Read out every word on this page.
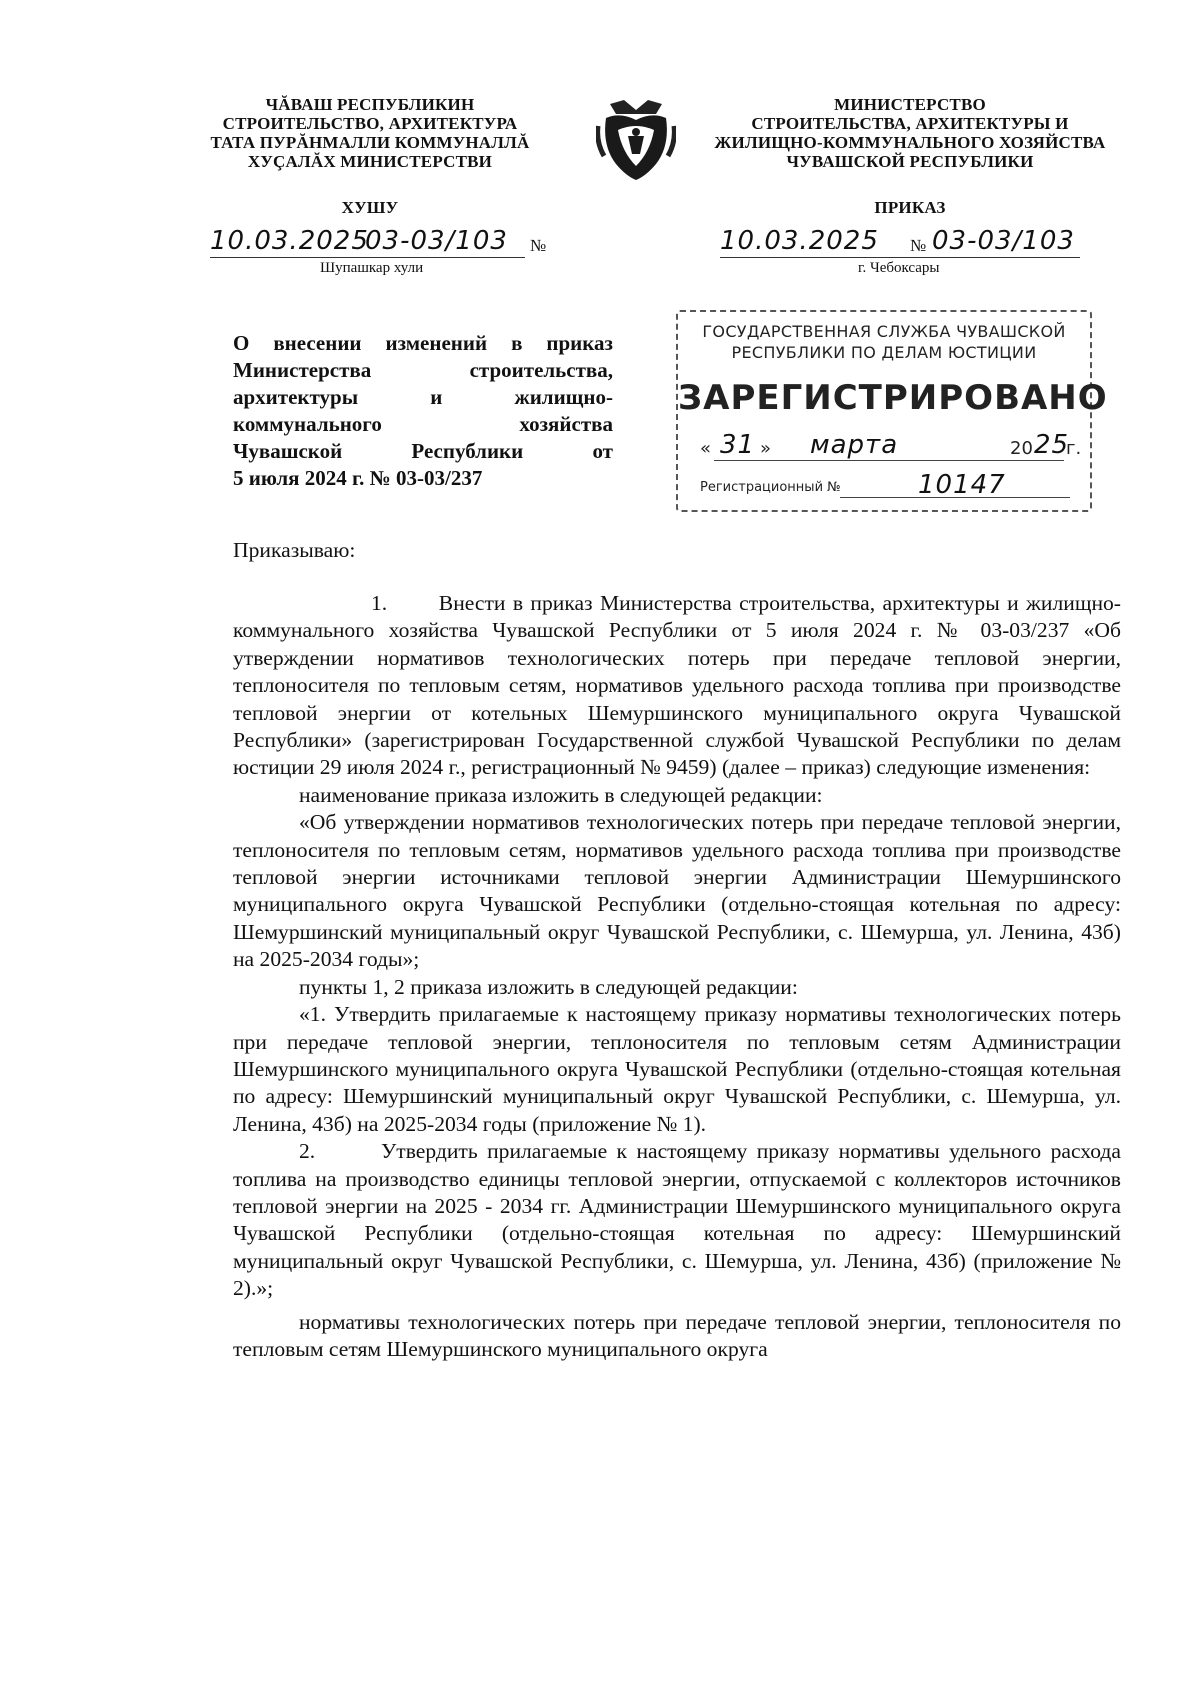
ЧĂВАШ РЕСПУБЛИКИН
СТРОИТЕЛЬСТВО, АРХИТЕКТУРА
ТАТА ПУРĂНМАЛЛИ КОММУНАЛЛĂ
ХУÇАЛĂХ МИНИСТЕРСТВИ
ХУШУ
10.03.2025
03-03/103 №
Шупашкар хули
МИНИСТЕРСТВО
СТРОИТЕЛЬСТВА, АРХИТЕКТУРЫ И
ЖИЛИЩНО-КОММУНАЛЬНОГО ХОЗЯЙСТВА
ЧУВАШСКОЙ РЕСПУБЛИКИ
ПРИКАЗ
10.03.2025 № 03-03/103
г. Чебоксары
О внесении изменений в приказ
Министерства строительства,
архитектуры и жилищно-
коммунального хозяйства
Чувашской Республики от
5 июля 2024 г. № 03-03/237
ГОСУДАРСТВЕННАЯ СЛУЖБА ЧУВАШСКОЙ
РЕСПУБЛИКИ ПО ДЕЛАМ ЮСТИЦИИ
ЗАРЕГИСТРИРОВАНО
« 31 » марта	20 25
г.
Регистрационный №	10147
Приказываю:

1.       Внести в приказ Министерства строительства, архитектуры и жилищно-коммунального хозяйства Чувашской Республики от 5 июля 2024 г. № 03-03/237 «Об утверждении нормативов технологических потерь при передаче тепловой энергии, теплоносителя по тепловым сетям, нормативов удельного расхода топлива при производстве тепловой энергии от котельных Шемуршинского муниципального округа Чувашской Республики» (зарегистрирован Государственной службой Чувашской Республики по делам юстиции 29 июля 2024 г., регистрационный № 9459) (далее – приказ) следующие изменения:

наименование приказа изложить в следующей редакции:

«Об утверждении нормативов технологических потерь при передаче тепловой энергии, теплоносителя по тепловым сетям, нормативов удельного расхода топлива при производстве тепловой энергии источниками тепловой энергии Администрации Шемуршинского муниципального округа Чувашской Республики (отдельно-стоящая котельная по адресу: Шемуршинский муниципальный округ Чувашской Республики, с. Шемурша, ул. Ленина, 43б) на 2025-2034 годы»;

пункты 1, 2 приказа изложить в следующей редакции:

«1. Утвердить прилагаемые к настоящему приказу нормативы технологических потерь при передаче тепловой энергии, теплоносителя по тепловым сетям Администрации Шемуршинского муниципального округа Чувашской Республики (отдельно-стоящая котельная по адресу: Шемуршинский муниципальный округ Чувашской Республики, с. Шемурша, ул. Ленина, 43б) на 2025-2034 годы (приложение № 1).

2.       Утвердить прилагаемые к настоящему приказу нормативы удельного расхода топлива на производство единицы тепловой энергии, отпускаемой с коллекторов источников тепловой энергии на 2025 - 2034 гг. Администрации Шемуршинского муниципального округа Чувашской Республики (отдельно-стоящая котельная по адресу: Шемуршинский муниципальный округ Чувашской Республики, с. Шемурша, ул. Ленина, 43б) (приложение № 2).»;

нормативы технологических потерь при передаче тепловой энергии, теплоносителя по тепловым сетям Шемуршинского муниципального округа
